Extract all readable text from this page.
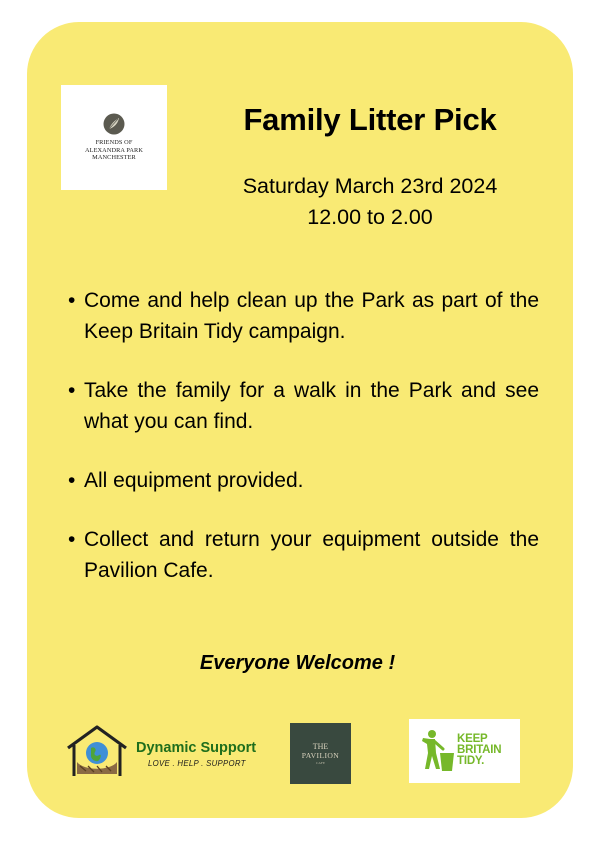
FRIENDS OF
ALEXANDRA PARK
MANCHESTER
Family Litter Pick
Saturday March 23rd 2024
12.00 to 2.00
• Come and help clean up the Park as part of the Keep Britain Tidy campaign.
• Take the family for a walk in the Park and see what you can find.
• All equipment provided.
• Collect and return your equipment outside the Pavilion Cafe.
Everyone Welcome !
Dynamic Support
LOVE . HELP . SUPPORT
THE
PAVILION
CAFE
KEEP
BRITAIN
TIDY.
